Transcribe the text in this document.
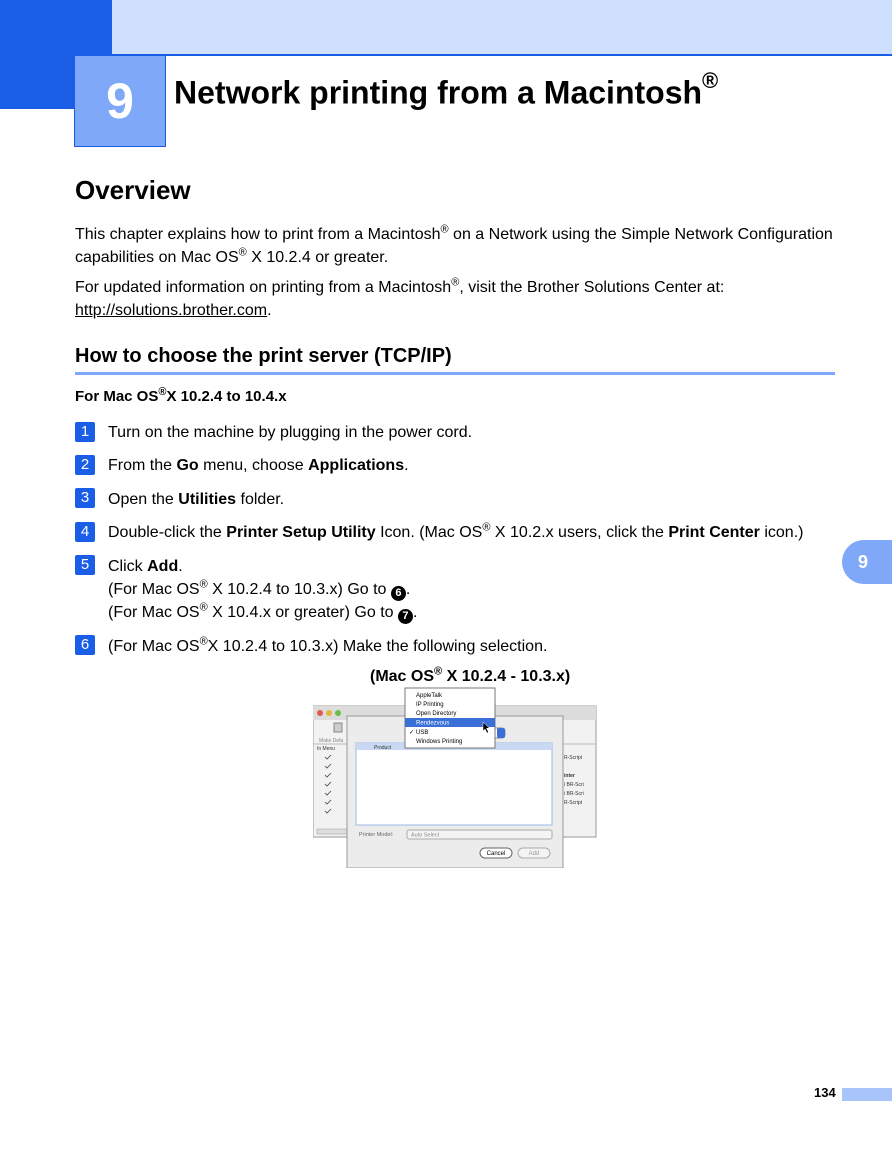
9	Network printing from a Macintosh®
Overview
This chapter explains how to print from a Macintosh® on a Network using the Simple Network Configuration capabilities on Mac OS® X 10.2.4 or greater.
For updated information on printing from a Macintosh®, visit the Brother Solutions Center at:
http://solutions.brother.com.
How to choose the print server (TCP/IP)
For Mac OS®X 10.2.4 to 10.4.x
1	Turn on the machine by plugging in the power cord.
2	From the Go menu, choose Applications.
3	Open the Utilities folder.
4	Double-click the Printer Setup Utility Icon. (Mac OS® X 10.2.x users, click the Print Center icon.)
5	Click Add.
(For Mac OS® X 10.2.4 to 10.3.x) Go to 6 .
(For Mac OS® X 10.4.x or greater) Go to 7 .
6	(For Mac OS®X 10.2.4 to 10.3.x) Make the following selection.
9
(Mac OS® X 10.2.4 - 10.3.x)
Make Defa
In Menu
R-Script
inter
i BR-Scri
i BR-Scri
R-Script
Product
Printer Model:	Auto Select
Cancel	Add
AppleTalk
IP Printing
Open Directory
Rendezvous
✓ USB
Windows Printing
134
